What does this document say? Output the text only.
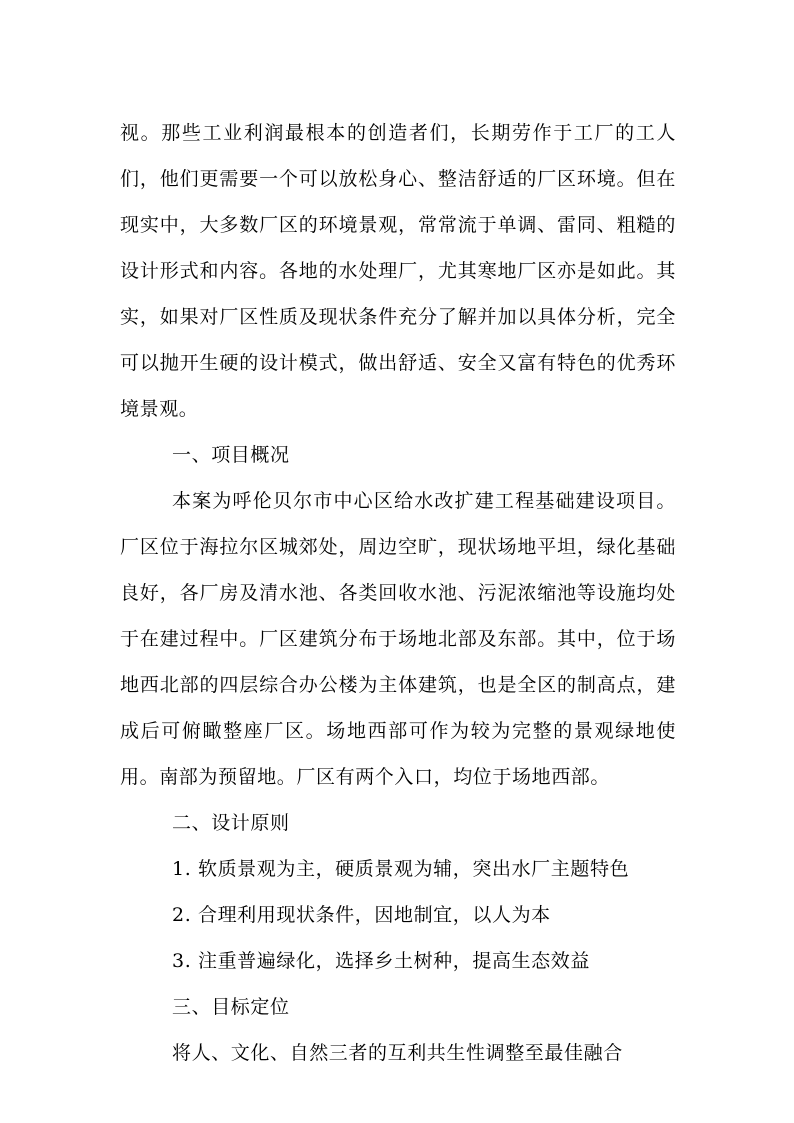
视。那些工业利润最根本的创造者们，长期劳作于工厂的工人们，他们更需要一个可以放松身心、整洁舒适的厂区环境。但在现实中，大多数厂区的环境景观，常常流于单调、雷同、粗糙的设计形式和内容。各地的水处理厂，尤其寒地厂区亦是如此。其实，如果对厂区性质及现状条件充分了解并加以具体分析，完全可以抛开生硬的设计模式，做出舒适、安全又富有特色的优秀环境景观。

一、项目概况

本案为呼伦贝尔市中心区给水改扩建工程基础建设项目。厂区位于海拉尔区城郊处，周边空旷，现状场地平坦，绿化基础良好，各厂房及清水池、各类回收水池、污泥浓缩池等设施均处于在建过程中。厂区建筑分布于场地北部及东部。其中，位于场地西北部的四层综合办公楼为主体建筑，也是全区的制高点，建成后可俯瞰整座厂区。场地西部可作为较为完整的景观绿地使用。南部为预留地。厂区有两个入口，均位于场地西部。

二、设计原则

1. 软质景观为主，硬质景观为辅，突出水厂主题特色

2. 合理利用现状条件，因地制宜，以人为本

3. 注重普遍绿化，选择乡土树种，提高生态效益

三、目标定位

将人、文化、自然三者的互利共生性调整至最佳融合
